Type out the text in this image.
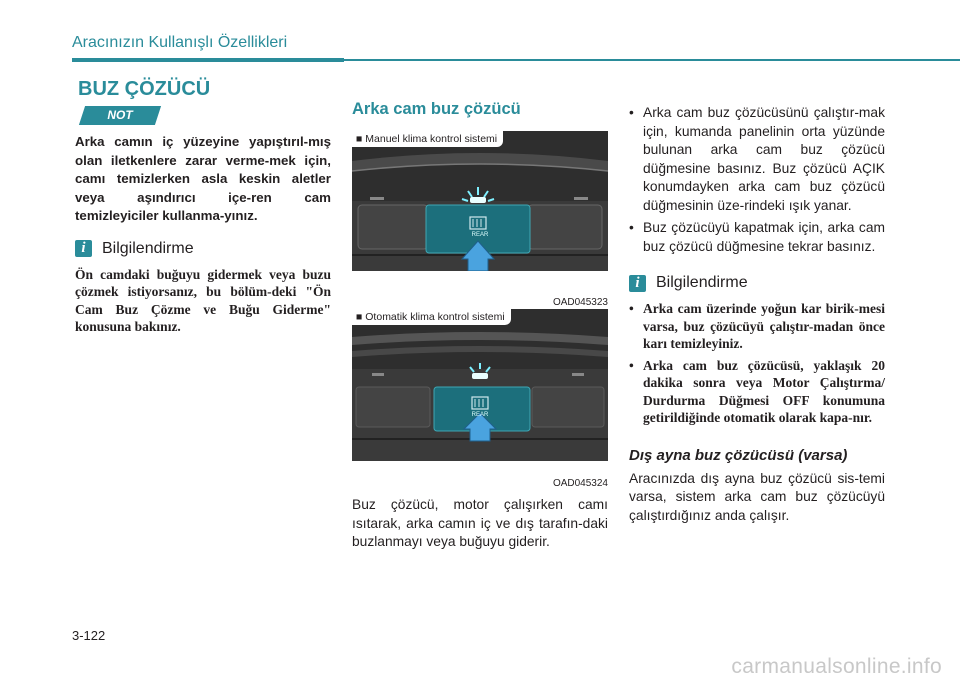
Aracınızın Kullanışlı Özellikleri
BUZ ÇÖZÜCÜ
NOT
Arka camın iç yüzeyine yapıştırıl-mış olan iletkenlere zarar verme-mek için, camı temizlerken asla keskin aletler veya aşındırıcı içe-ren cam temizleyiciler kullanma-yınız.
i	Bilgilendirme
Ön camdaki buğuyu gidermek veya buzu çözmek istiyorsanız, bu bölüm-deki "Ön Cam Buz Çözme ve Buğu Giderme" konusuna bakınız.
Arka cam buz çözücü
REAR
■ Manuel klima kontrol sistemi
OAD045323
REAR
■ Otomatik klima kontrol sistemi
OAD045324
Buz çözücü, motor çalışırken camı ısıtarak, arka camın iç ve dış tarafın-daki buzlanmayı veya buğuyu giderir.
• Arka cam buz çözücüsünü çalıştır-mak için, kumanda panelinin orta yüzünde bulunan arka cam buz çözücü düğmesine basınız. Buz çözücü AÇIK konumdayken arka cam buz çözücü düğmesinin üze-rindeki ışık yanar.
• Buz çözücüyü kapatmak için, arka cam buz çözücü düğmesine tekrar basınız.
i	Bilgilendirme
• Arka cam üzerinde yoğun kar birik-mesi varsa, buz çözücüyü çalıştır-madan önce karı temizleyiniz.
• Arka cam buz çözücüsü, yaklaşık 20 dakika sonra veya Motor Çalıştırma/ Durdurma Düğmesi OFF konumuna getirildiğinde otomatik olarak kapa-nır.
Dış ayna buz çözücüsü (varsa)
Aracınızda dış ayna buz çözücü sis-temi varsa, sistem arka cam buz çözücüyü çalıştırdığınız anda çalışır.
3-122
carmanualsonline.info
